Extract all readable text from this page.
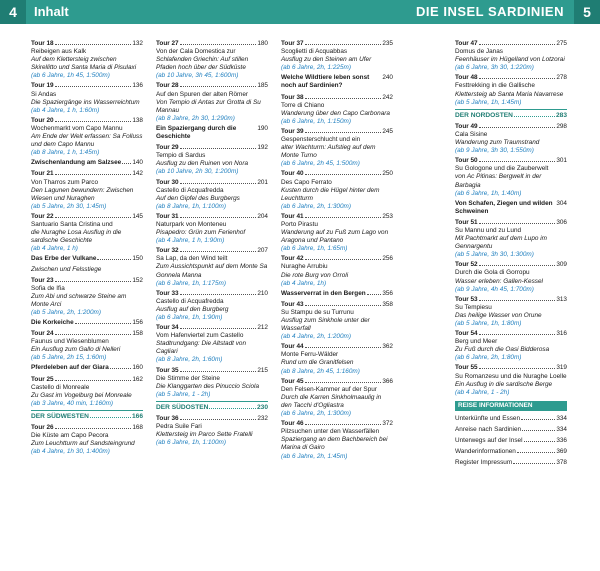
4	Inhalt	DIE INSEL SARDINIEN	5
Tour 18	132
Reibeigen aus Kalk
Auf dem Klettersteig zwischen Skirellitto und Santa Maria di Pisulaxi
(ab 6 Jahre, 1h 45, 1:500m)
Tour 19	136
Si Andas
Die Spaziergänge ins Wasserreichtum
(ab 4 Jahre, 1 h, 1:60m)
Tour 20	138
Wochenmarkt vom Capo Mannu
Am Ende der Welt erfassen: Sa Folluss und dem Capo Mannu
(ab 8 Jahre, 1 h, 1:45m)
Zwischenlandung am Salzsee 140
Tour 21	142
Von Tharros zum Parco
Den Lagunen bewundern: Zwischen Wiesen und Nuraghen
(ab 5 Jahre, 2h 30, 1:45m)
Tour 22	145
Santuario Santa Cristina und
die Nuraghe Losa Ausflug in die sardische Geschichte
(ab 4 Jahre, 1 h)
Das Erbe der Vulkane	150
Zwischen und Felsstiege
Tour 23	152
Sofia de Ifia
Zum Abi und schwarze Steine am Monte Arci
(ab 5 Jahre, 2h, 1:200m)
Die Korkeiche	156
Tour 24	158
Faunus und Wiesenblumen
Ein Ausflug zum Gallo di Nelleri
(ab 5 Jahre, 2h 15, 1:60m)
Pferdeleben auf der Giara	160
Tour 25	162
Castello di Monreale
Zu Gast im Vogelburg bei Monreale
(ab 3 Jahre, 40 min, 1:160m)
DER SÜDWESTEN	166
Tour 26	168
Die Küste am Capo Pecora
Zum Leuchtturm auf Sandsteingrund
(ab 4 Jahre, 1h 30, 1:400m)
Tour 27	180
Von der Cala Domestica zur
Schlafenden Griechin: Auf stillen Pfaden hoch über der Südküste
(ab 10 Jahre, 3h 45, 1:600m)
Tour 28	185
Auf den Spuren der alten Römer
Von Tempio di Antas zur Grotta di Su Mannau
(ab 8 Jahre, 2h 30, 1:290m)
Ein Spaziergang durch die Geschichte
190
Tour 29	192
Tempio di Sardus
Ausflug zu den Ruinen von Nora
(ab 10 Jahre, 2h 30, 1:200m)
Tour 30	201
Castello di Acquafredda
Auf den Gipfel des Burgbergs
(ab 8 Jahre, 1h, 1:100m)
Tour 31	204
Naturpark von Monteneu
Pisapedro: Grün zum Ferienhof
(ab 4 Jahre, 1 h, 1:90m)
Tour 32	207
Sa Lap, da den Wind teilt
Zum Aussichtspunkt auf dem Monte Sa Gonnela Manna
(ab 6 Jahre, 1h, 1:175m)
Tour 33	210
Castello di Acquafredda
Ausflug auf den Burgberg
(ab 6 Jahre, 1h, 1:90m)
Tour 34	212
Vom Hafenviertel zum Castello
Stadtrundgang: Die Altstadt von Cagliari
(ab 8 Jahre, 2h, 1:60m)
Tour 35	215
Die Stimme der Steine
Die Klanggarten des Pinuccio Sciola
(ab 5 Jahre, 1 - 2h)
DER SÜDOSTEN	230
Tour 36	232
Pedra Suile Fari
Klettersteig im Parco Sette Fratelli
(ab 6 Jahre, 1h, 1:100m)
Tour 37	235
Scoglietti di Acquabbas
Ausflug zu den Steinen am Ufer
(ab 6 Jahre, 2h, 1:225m)
Welche Wildtiere leben sonst noch auf Sardinien?
240
Tour 38	242
Torre di Chiano
Wanderung über den Capo Carbonara
(ab 6 Jahre, 1h, 1:150m)
Tour 39	245
Gespensterschlucht und ein
alter Wachturm: Aufstieg auf dem Monte Turno
(ab 6 Jahre, 2h 45, 1:500m)
Tour 40	250
Des Capo Ferrato
Kusten durch die Hügel hinter dem Leuchtturm
(ab 6 Jahre, 2h, 1:300m)
Tour 41	253
Porto Pirastu
Wanderung auf zu Fuß zum Lago von Aragona und Pantano
(ab 6 Jahre, 1h, 1:65m)
Tour 42	256
Nuraghe Arrubiu
Die rote Burg von Orroli
(ab 4 Jahre, 1h)
Wasserverrat in den Bergen	356
Tour 43	358
Su Stampu de su Turrunu
Ausflug zum Sinkhole unter der Wasserfall
(ab 4 Jahre, 2h, 1:200m)
Tour 44	362
Monte Ferru-Wälder
Rund um die Granitfelsen
(ab 8 Jahre, 2h 45, 1:160m)
Tour 45	366
Den Felsen-Kammer auf der Spur
Durch die Karren Sinkholmaaulig in den Tacchi d'Ogliastra
(ab 6 Jahre, 2h, 1:300m)
Tour 46	372
Pilzsuchen unter den Wasserfällen
Spaziergang an dem Bachbereich bei Marina di Gairo
(ab 6 Jahre, 2h, 1:45m)
Tour 47	275
Domus de Janas
Feenhäuser im Hügelland von Lotzorai
(ab 6 Jahre, 3h 30, 1:220m)
Tour 48	278
Festtrekking in die Gallische
Klettersteig ab Santa Maria Navarrese
(ab 5 Jahre, 1h, 1:45m)
DER NORDOSTEN	283
Tour 49	298
Cala Sisine
Wanderung zum Traumstrand
(ab 9 Jahre, 3h 30, 1:550m)
Tour 50	301
Su Gologone und die Zauberwelt
von Ac Pitinas: Bergwelt in der Barbagia
(ab 6 Jahre, 1h, 1:40m)
Von Schafen, Ziegen und wilden Schweinen
304
Tour 51	306
Su Mannu und zu Lund
Mit Pachtmarkt auf dem Lupo im Gennargentu
(ab 5 Jahre, 3h 30, 1:300m)
Tour 52	309
Durch die Gola di Gorropu
Wasser erleben: Gallen-Kessel
(ab 9 Jahre, 4h 45, 1:700m)
Tour 53	313
Su Tempiesu
Das heilige Wasser von Orune
(ab 5 Jahre, 1h, 1:80m)
Tour 54	316
Berg und Meer
Zu Fuß durch die Oasi Bidderosa
(ab 6 Jahre, 2h, 1:80m)
Tour 55	319
Su Romanzesu und die Nuraghe Loelle
Ein Ausflug in die sardische Berge
(ab 4 Jahre, 1 - 2h)
REISE INFORMATIONEN
Unterkünfte und Essen	334
Anreise nach Sardinien	334
Unterwegs auf der Insel	336
Wanderinformationen	369
Register Impressum	378
